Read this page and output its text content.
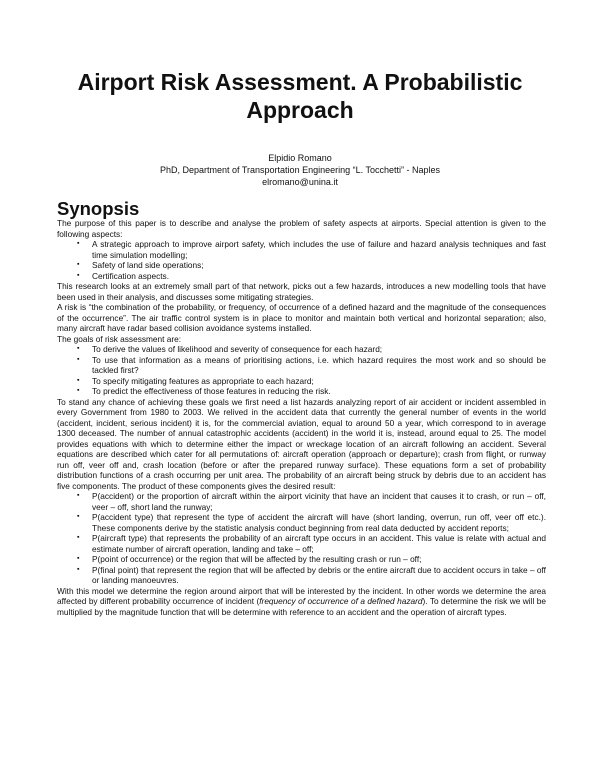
Airport Risk Assessment. A Probabilistic Approach
Elpidio Romano
PhD, Department of Transportation Engineering “L. Tocchetti” - Naples
elromano@unina.it
Synopsis

The purpose of this paper is to describe and analyse the problem of safety aspects at airports. Special attention is given to the following aspects:

▪ A strategic approach to improve airport safety, which includes the use of failure and hazard analysis techniques and fast time simulation modelling;
▪ Safety of land side operations;
▪ Certification aspects.

This research looks at an extremely small part of that network, picks out a few hazards, introduces a new modelling tools that have been used in their analysis, and discusses some mitigating strategies.

A risk is “the combination of the probability, or frequency, of occurrence of a defined hazard and the magnitude of the consequences of the occurrence”. The air traffic control system is in place to monitor and maintain both vertical and horizontal separation; also, many aircraft have radar based collision avoidance systems installed.

The goals of risk assessment are:

▪ To derive the values of likelihood and severity of consequence for each hazard;
▪ To use that information as a means of prioritising actions, i.e. which hazard requires the most work and so should be tackled first?
▪ To specify mitigating features as appropriate to each hazard;
▪ To predict the effectiveness of those features in reducing the risk.

To stand any chance of achieving these goals we first need a list hazards analyzing report of air accident or incident assembled in every Government from 1980 to 2003. We relived in the accident data that currently the general number of events in the world (accident, incident, serious incident) it is, for the commercial aviation, equal to around 50 a year, which correspond to in average 1300 deceased. The number of annual catastrophic accidents (accident) in the world it is, instead, around equal to 25. The model provides equations with which to determine either the impact or wreckage location of an aircraft following an accident. Several equations are described which cater for all permutations of: aircraft operation (approach or departure); crash from flight, or runway run off, veer off and, crash location (before or after the prepared runway surface). These equations form a set of probability distribution functions of a crash occurring per unit area. The probability of an aircraft being struck by debris due to an accident has five components. The product of these components gives the desired result:

▪ P(accident) or the proportion of aircraft within the airport vicinity that have an incident that causes it to crash, or run – off, veer – off, short land the runway;
▪ P(accident type) that represent the type of accident the aircraft will have (short landing, overrun, run off, veer off etc.). These components derive by the statistic analysis conduct beginning from real data deducted by accident reports;
▪ P(aircraft type) that represents the probability of an aircraft type occurs in an accident. This value is relate with actual and estimate number of aircraft operation, landing and take – off;
▪ P(point of occurrence) or the region that will be affected by the resulting crash or run – off;
▪ P(final point) that represent the region that will be affected by debris or the entire aircraft due to accident occurs in take – off or landing manoeuvres.

With this model we determine the region around airport that will be interested by the incident. In other words we determine the area affected by different probability occurrence of incident (frequency of occurrence of a defined hazard). To determine the risk we will be multiplied by the magnitude function that will be determine with reference to an accident and the operation of aircraft types.
